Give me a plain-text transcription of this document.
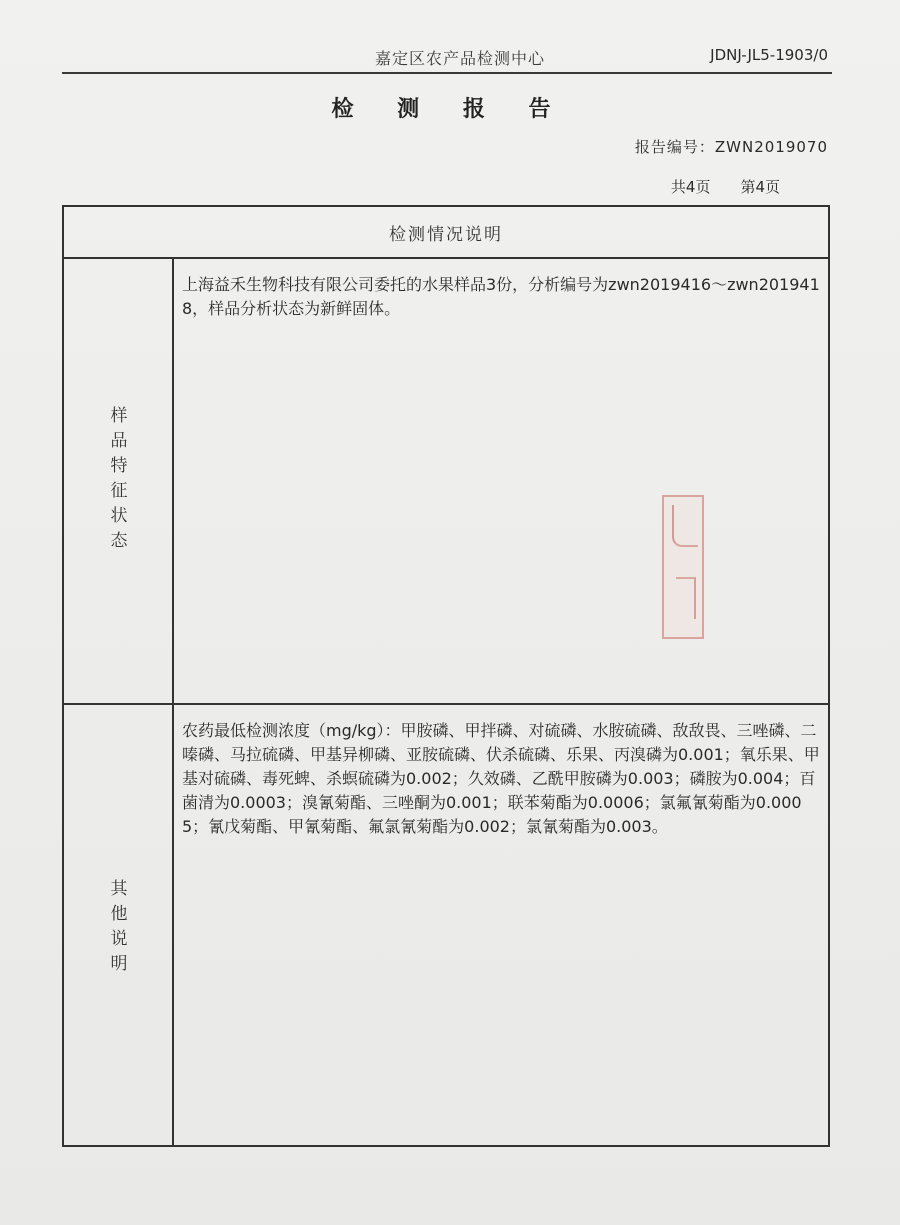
嘉定区农产品检测中心	JDNJ-JL5-1903/0
检 测 报 告
报告编号：ZWN2019070
共4页 第4页
检测情况说明
样
品
特
征
状
态
上海益禾生物科技有限公司委托的水果样品3份，分析编号为zwn2019416～zwn2019418，样品分析状态为新鲜固体。
其
他
说
明
农药最低检测浓度（mg/kg）：甲胺磷、甲拌磷、对硫磷、水胺硫磷、敌敌畏、三唑磷、二嗪磷、马拉硫磷、甲基异柳磷、亚胺硫磷、伏杀硫磷、乐果、丙溴磷为0.001；氧乐果、甲基对硫磷、毒死蜱、杀螟硫磷为0.002；久效磷、乙酰甲胺磷为0.003；磷胺为0.004；百菌清为0.0003；溴氰菊酯、三唑酮为0.001；联苯菊酯为0.0006；氯氟氰菊酯为0.0005；氰戊菊酯、甲氰菊酯、氟氯氰菊酯为0.002；氯氰菊酯为0.003。
